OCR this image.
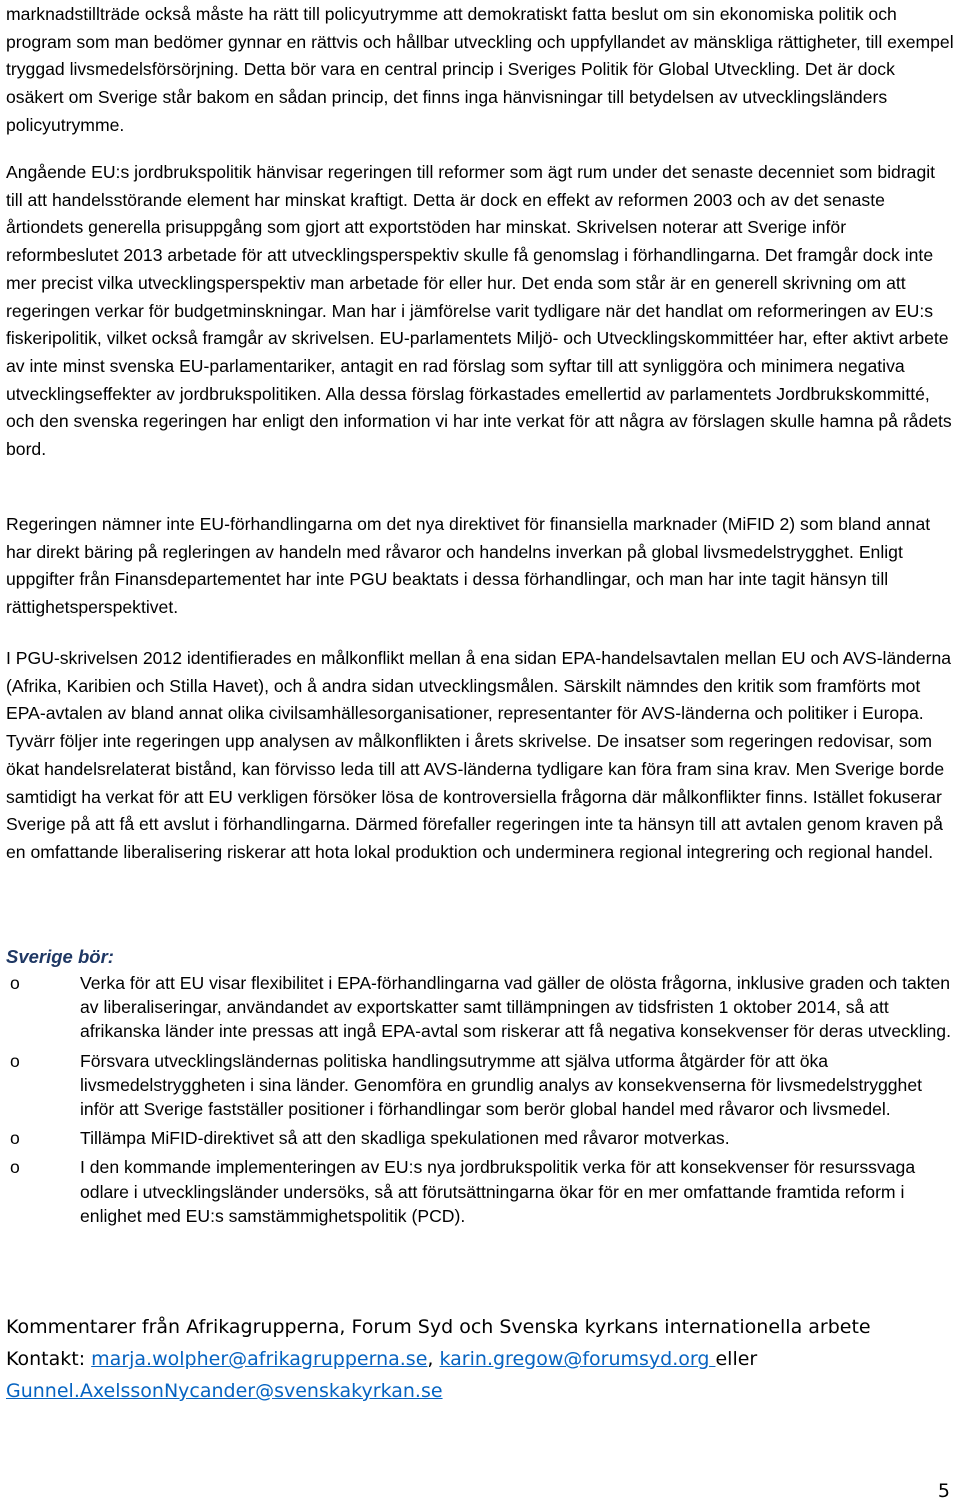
marknadstillträde också måste ha rätt till policyutrymme att demokratiskt fatta beslut om sin ekonomiska politik och program som man bedömer gynnar en rättvis och hållbar utveckling och uppfyllandet av mänskliga rättigheter, till exempel tryggad livsmedelsförsörjning. Detta bör vara en central princip i Sveriges Politik för Global Utveckling. Det är dock osäkert om Sverige står bakom en sådan princip, det finns inga hänvisningar till betydelsen av utvecklingsländers policyutrymme.

Angående EU:s jordbrukspolitik hänvisar regeringen till reformer som ägt rum under det senaste decenniet som bidragit till att handelsstörande element har minskat kraftigt. Detta är dock en effekt av reformen 2003 och av det senaste årtiondets generella prisuppgång som gjort att exportstöden har minskat. Skrivelsen noterar att Sverige inför reformbeslutet 2013 arbetade för att utvecklingsperspektiv skulle få genomslag i förhandlingarna. Det framgår dock inte mer precist vilka utvecklingsperspektiv man arbetade för eller hur. Det enda som står är en generell skrivning om att regeringen verkar för budgetminskningar. Man har i jämförelse varit tydligare när det handlat om reformeringen av EU:s fiskeripolitik, vilket också framgår av skrivelsen. EU-parlamentets Miljö- och Utvecklingskommittéer har, efter aktivt arbete av inte minst svenska EU-parlamentariker, antagit en rad förslag som syftar till att synliggöra och minimera negativa utvecklingseffekter av jordbrukspolitiken. Alla dessa förslag förkastades emellertid av parlamentets Jordbrukskommitté, och den svenska regeringen har enligt den information vi har inte verkat för att några av förslagen skulle hamna på rådets bord.

Regeringen nämner inte EU-förhandlingarna om det nya direktivet för finansiella marknader (MiFID 2) som bland annat har direkt bäring på regleringen av handeln med råvaror och handelns inverkan på global livsmedelstrygghet. Enligt uppgifter från Finansdepartementet har inte PGU beaktats i dessa förhandlingar, och man har inte tagit hänsyn till rättighetsperspektivet.

I PGU-skrivelsen 2012 identifierades en målkonflikt mellan å ena sidan EPA-handelsavtalen mellan EU och AVS-länderna (Afrika, Karibien och Stilla Havet), och å andra sidan utvecklingsmålen. Särskilt nämndes den kritik som framförts mot EPA-avtalen av bland annat olika civilsamhällesorganisationer, representanter för AVS-länderna och politiker i Europa. Tyvärr följer inte regeringen upp analysen av målkonflikten i årets skrivelse. De insatser som regeringen redovisar, som ökat handelsrelaterat bistånd, kan förvisso leda till att AVS-länderna tydligare kan föra fram sina krav. Men Sverige borde samtidigt ha verkat för att EU verkligen försöker lösa de kontroversiella frågorna där målkonflikter finns. Istället fokuserar Sverige på att få ett avslut i förhandlingarna. Därmed förefaller regeringen inte ta hänsyn till att avtalen genom kraven på en omfattande liberalisering riskerar att hota lokal produktion och underminera regional integrering och regional handel.

Sverige bör:

o	Verka för att EU visar flexibilitet i EPA-förhandlingarna vad gäller de olösta frågorna, inklusive graden och takten av liberaliseringar, användandet av exportskatter samt tillämpningen av tidsfristen 1 oktober 2014, så att afrikanska länder inte pressas att ingå EPA-avtal som riskerar att få negativa konsekvenser för deras utveckling.
o	Försvara utvecklingsländernas politiska handlingsutrymme att själva utforma åtgärder för att öka livsmedelstryggheten i sina länder. Genomföra en grundlig analys av konsekvenserna för livsmedelstrygghet inför att Sverige fastställer positioner i förhandlingar som berör global handel med råvaror och livsmedel.
o	Tillämpa MiFID-direktivet så att den skadliga spekulationen med råvaror motverkas.
o	I den kommande implementeringen av EU:s nya jordbrukspolitik verka för att konsekvenser för resurssvaga odlare i utvecklingsländer undersöks, så att förutsättningarna ökar för en mer omfattande framtida reform i enlighet med EU:s samstämmighetspolitik (PCD).

Kommentarer från Afrikagrupperna, Forum Syd och Svenska kyrkans internationella arbete

Kontakt: marja.wolpher@afrikagrupperna.se, karin.gregow@forumsyd.org eller

Gunnel.AxelssonNycander@svenskakyrkan.se

5
